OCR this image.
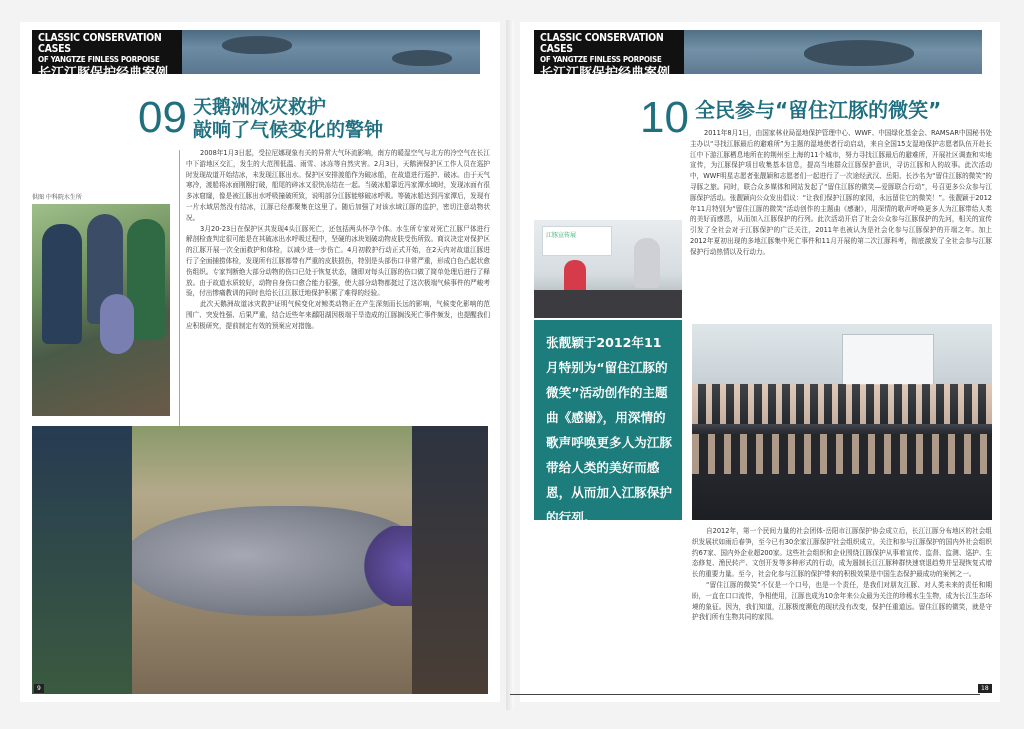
CLASSIC CONSERVATION CASES
OF YANGTZE FINLESS PORPOISE
长江江豚保护经典案例
09 天鹅洲冰灾救护
敲响了气候变化的警钟
供图 中科院水生所

2008年1月3日起，受拉尼娜现象有关的异常大气环流影响，南方的暖湿空气与北方的冷空气在长江中下游地区交汇，发生的大范围低温、雨雪、冰冻等自然灾害。2月3日，天鹅洲保护区工作人员在巡护时发现故道开始结冰，未发现江豚出水。保护区安排渡船作为破冰船，在故道进行巡护、破冰。由于天气寒冷，渡船将冰面刚刚打破，船尾的碎冰又很快冻结在一起。当破冰船靠近冯家潭水域时，发现冰面有很多冰窟窿，像是被江豚出水呼吸撞破所致，说明部分江豚能够破冰呼吸。等破冰船达到冯家潭后，发现有一片水域居然没有结冰，江豚已经都聚集在这里了。随后加强了对该水域江豚的监护，密切注意动物状况。

3月20-23日在保护区共发现4头江豚死亡，还包括两头怀孕个体。水生所专家对死亡江豚尸体进行解剖检查判定很可能是在其破冰出水呼吸过程中，坚硬的冰块划破动物皮肤受伤所致。商议决定对保护区的江豚开展一次全面救护和体检，以减少进一步伤亡。4月初救护行动正式开始，在2天内对故道江豚进行了全面捕捞体检，发现所有江豚都带有严重的皮肤损伤，特别是头部伤口非常严重，形成白色凸起状愈伤组织。专家判断绝大部分动物的伤口已处于恢复状态，随即对每头江豚的伤口做了简单处理后进行了释放。由于故道水质较好，动物自身伤口愈合能力很强，使大部分动物都挺过了这次极端气候事件的严峻考验，付出惨痛教训的同时也给长江江豚迁地保护积累了难得的经验。

此次天鹅洲故道冰灾救护证明气候变化对鲸类动物正在产生深刻而长远的影响，气候变化影响的范围广、突发性强、后果严重，结合近些年来鄱阳湖因极端干旱造成的江豚搁浅死亡事件频发，也提醒我们应积极研究，提前制定有效的预案应对措施。

9
CLASSIC CONSERVATION CASES
OF YANGTZE FINLESS PORPOISE
长江江豚保护经典案例
10 全民参与“留住江豚的微笑”

2011年8月1日，由国家林业局湿地保护管理中心、WWF、中国绿化基金会、RAMSAR中国秘书处主办以“寻找江豚最后的避难所”为主题的湿地使者行动启动，来自全国15支湿地保护志愿者队伍开赴长江中下游江豚栖息地所在的荆州至上海的11个城市，努力寻找江豚最后的避难所，开展社区调查和实地宣传，为江豚保护项目收集基本信息，提高当地群众江豚保护意识，寻访江豚和人的故事。此次活动中，WWF明星志愿者张靓颖和志愿者们一起进行了一次途经武汉、岳阳、长沙名为“留住江豚的微笑”的寻豚之旅。同时，联合众多媒体和网站发起了“留住江豚的微笑—爱豚联合行动”，号召更多公众参与江豚保护活动。张靓颖向公众发出倡议：“让我们保护江豚的家园，永远留住它的微笑！”。张靓颖于2012年11月特别为“留住江豚的微笑”活动创作的主题曲《感谢》，用深情的歌声呼唤更多人为江豚带给人类的美好而感恩，从而加入江豚保护的行列。此次活动开启了社会公众参与江豚保护的先河，相关的宣传引发了全社会对于江豚保护的广泛关注，2011年也被认为是社会化参与江豚保护的开端之年。加上2012年夏初出现的多地江豚集中死亡事件和11月开展的第二次江豚科考，彻底激发了全社会参与江豚保护行动热情以及行动力。

江豚宣传展
张靓颖于2012年11月特别为“留住江豚的微笑”活动创作的主题曲《感谢》，用深情的歌声呼唤更多人为江豚带给人类的美好而感恩，从而加入江豚保护的行列。

自2012年，第一个民间力量的社会团体-岳阳市江豚保护协会成立后，长江江豚分布地区的社会组织发展状如雨后春笋，至今已有30余家江豚保护社会组织成立，关注和参与江豚保护的国内外社会组织约67家、国内外企业超200家。这些社会组织和企业围绕江豚保护从事着宣传、监督、监测、巡护、生态修复、渔民转产、文创开发等多种形式的行动，成为遏制长江江豚种群快速衰退趋势并呈现恢复式增长的重要力量。至今，社会化参与江豚的保护带来的积极效果是中国生态保护最成功的案例之一。

“留住江豚的微笑”不仅是一个口号，也是一个责任，是我们对朋友江豚、对人类未来的责任和期盼，一直在口口流传，争相使用，江豚也成为10余年来公众最为关注的珍稀水生生物，成为长江生态环境的象征。因为，我们知道，江豚极度濒危的现状没有改变，保护任重道远。留住江豚的微笑，就是守护我们所有生物共同的家园。

18
